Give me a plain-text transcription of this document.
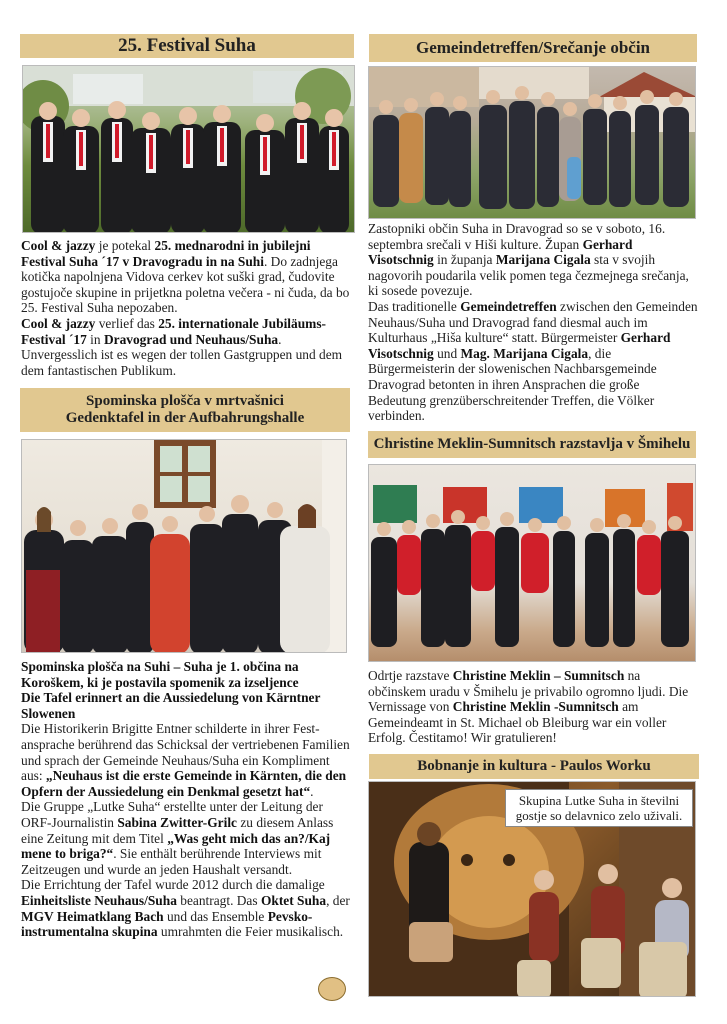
25. Festival Suha

Cool & jazzy je potekal 25. mednarodni in jubilejni Festival Suha ´17 v Dravogradu in na Suhi. Do zadnjega kotička napolnjena Vidova cerkev kot suški grad, čudovite gostujoče skupine in prijetkna poletna večera - ni čuda, da bo 25. Festival Suha nepozaben.

Cool & jazzy verlief das 25. internationale Jubiläums-Festival ´17 in Dravograd und Neuhaus/Suha. Unvergesslich ist es wegen der tollen Gastgruppen und dem dem fantastischen Publikum.

Spominska plošča v mrtvašnici
Gedenktafel in der Aufbahrungshalle

Spominska plošča na Suhi – Suha je 1. občina na Koroškem, ki je postavila spomenik za izseljence

Die Tafel erinnert an die Aussiedelung von Kärntner Slowenen

Die Historikerin Brigitte Entner schilderte in ihrer Fest-ansprache berührend das Schicksal der vertriebenen Familien und sprach der Gemeinde Neuhaus/Suha ein Kompliment aus: „Neuhaus ist die erste Gemeinde in Kärnten, die den Opfern der Aussiedelung ein Denkmal gesetzt hat“.

Die Gruppe „Lutke Suha“ erstellte unter der Leitung der ORF-Journalistin Sabina Zwitter-Grilc zu diesem Anlass eine Zeitung mit dem Titel „Was geht mich das an?/Kaj mene to briga?“. Sie enthält berührende Interviews mit Zeitzeugen und wurde an jeden Haushalt versandt.

Die Errichtung der Tafel wurde 2012 durch die damalige Einheitsliste Neuhaus/Suha beantragt. Das Oktet Suha, der MGV Heimatklang Bach und das Ensemble Pevsko-instrumentalna skupina umrahmten die Feier musikalisch.

Gemeindetreffen/Srečanje občin

Zastopniki občin Suha in Dravograd so se v soboto, 16. septembra srečali v Hiši kulture. Župan Gerhard Visotschnig in županja Marijana Cigala sta v svojih nagovorih poudarila velik pomen tega čezmejnega srečanja, ki sosede povezuje.

Das traditionelle Gemeindetreffen zwischen den Gemeinden Neuhaus/Suha und Dravograd fand diesmal auch im Kulturhaus „Hiša kulture“ statt. Bürgermeister Gerhard Visotschnig und Mag. Marijana Cigala, die Bürgermeisterin der slowenischen Nachbarsgemeinde Dravograd betonten in ihren Ansprachen die große Bedeutung grenzüberschreitender Treffen, die Völker verbinden.

Christine Meklin-Sumnitsch razstavlja v Šmihelu

Odrtje razstave Christine Meklin – Sumnitsch na občinskem uradu v Šmihelu je privabilo ogromno ljudi. Die Vernissage von Christine Meklin -Sumnitsch am Gemeindeamt in St. Michael ob Bleiburg war ein voller Erfolg. Čestitamo! Wir gratulieren!

Bobnanje in kultura - Paulos Worku
Skupina Lutke Suha in številni gostje so delavnico zelo uživali.
